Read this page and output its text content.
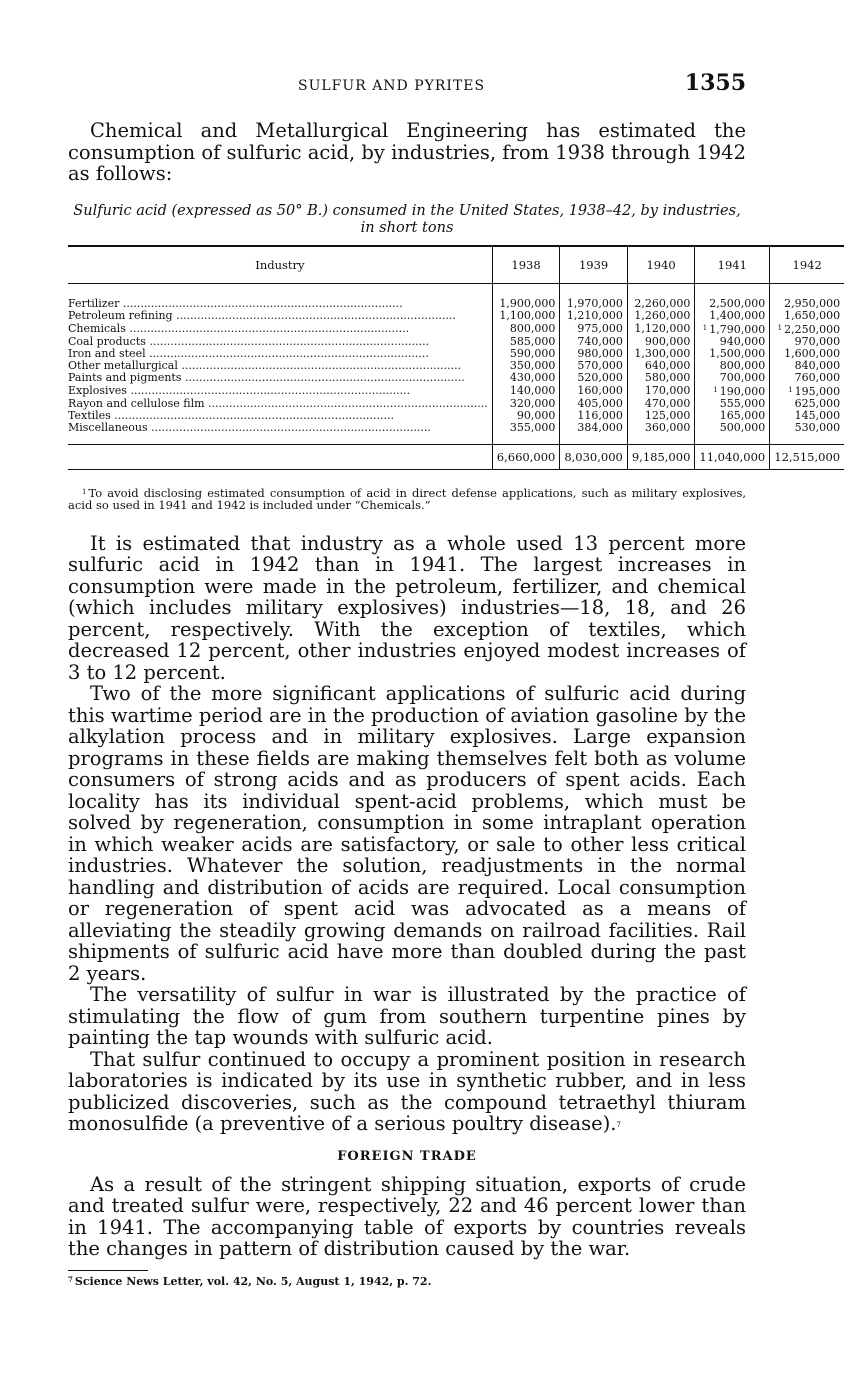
SULFUR AND PYRITES	1355

Chemical and Metallurgical Engineering has estimated the consumption of sulfuric acid, by industries, from 1938 through 1942 as follows:

Sulfuric acid (expressed as 50° B.) consumed in the United States, 1938–42, by industries, in short tons
Industry	1938	1939	1940	1941	1942
Fertilizer ................................................................................	1,900,000	1,970,000	2,260,000	2,500,000	2,950,000
Petroleum refining ................................................................................	1,100,000	1,210,000	1,260,000	1,400,000	1,650,000
Chemicals ................................................................................	800,000	975,000	1,120,000	$^1$ 1,790,000	$^1$ 2,250,000
Coal products ................................................................................	585,000	740,000	900,000	940,000	970,000
Iron and steel ................................................................................	590,000	980,000	1,300,000	1,500,000	1,600,000
Other metallurgical ................................................................................	350,000	570,000	640,000	800,000	840,000
Paints and pigments ................................................................................	430,000	520,000	580,000	700,000	760,000
Explosives ................................................................................	140,000	160,000	170,000	$^1$ 190,000	$^1$ 195,000
Rayon and cellulose film ................................................................................	320,000	405,000	470,000	555,000	625,000
Textiles ................................................................................	90,000	116,000	125,000	165,000	145,000
Miscellaneous ................................................................................	355,000	384,000	360,000	500,000	530,000
	6,660,000	8,030,000	9,185,000	11,040,000	12,515,000
$^1$ To avoid disclosing estimated consumption of acid in direct defense applications, such as military explosives, acid so used in 1941 and 1942 is included under “Chemicals.”

It is estimated that industry as a whole used 13 percent more sulfuric acid in 1942 than in 1941. The largest increases in consumption were made in the petroleum, fertilizer, and chemical (which includes military explosives) industries—18, 18, and 26 percent, respectively. With the exception of textiles, which decreased 12 percent, other industries enjoyed modest increases of 3 to 12 percent.

Two of the more significant applications of sulfuric acid during this wartime period are in the production of aviation gasoline by the alkylation process and in military explosives. Large expansion programs in these fields are making themselves felt both as volume consumers of strong acids and as producers of spent acids. Each locality has its individual spent-acid problems, which must be solved by regeneration, consumption in some intraplant operation in which weaker acids are satisfactory, or sale to other less critical industries. Whatever the solution, readjustments in the normal handling and distribution of acids are required. Local consumption or regeneration of spent acid was advocated as a means of alleviating the steadily growing demands on railroad facilities. Rail shipments of sulfuric acid have more than doubled during the past 2 years.

The versatility of sulfur in war is illustrated by the practice of stimulating the flow of gum from southern turpentine pines by painting the tap wounds with sulfuric acid.

That sulfur continued to occupy a prominent position in research laboratories is indicated by its use in synthetic rubber, and in less publicized discoveries, such as the compound tetraethyl thiuram monosulfide (a preventive of a serious poultry disease).$^7$

FOREIGN TRADE

As a result of the stringent shipping situation, exports of crude and treated sulfur were, respectively, 22 and 46 percent lower than in 1941. The accompanying table of exports by countries reveals the changes in pattern of distribution caused by the war.

$^7$ Science News Letter, vol. 42, No. 5, August 1, 1942, p. 72.
